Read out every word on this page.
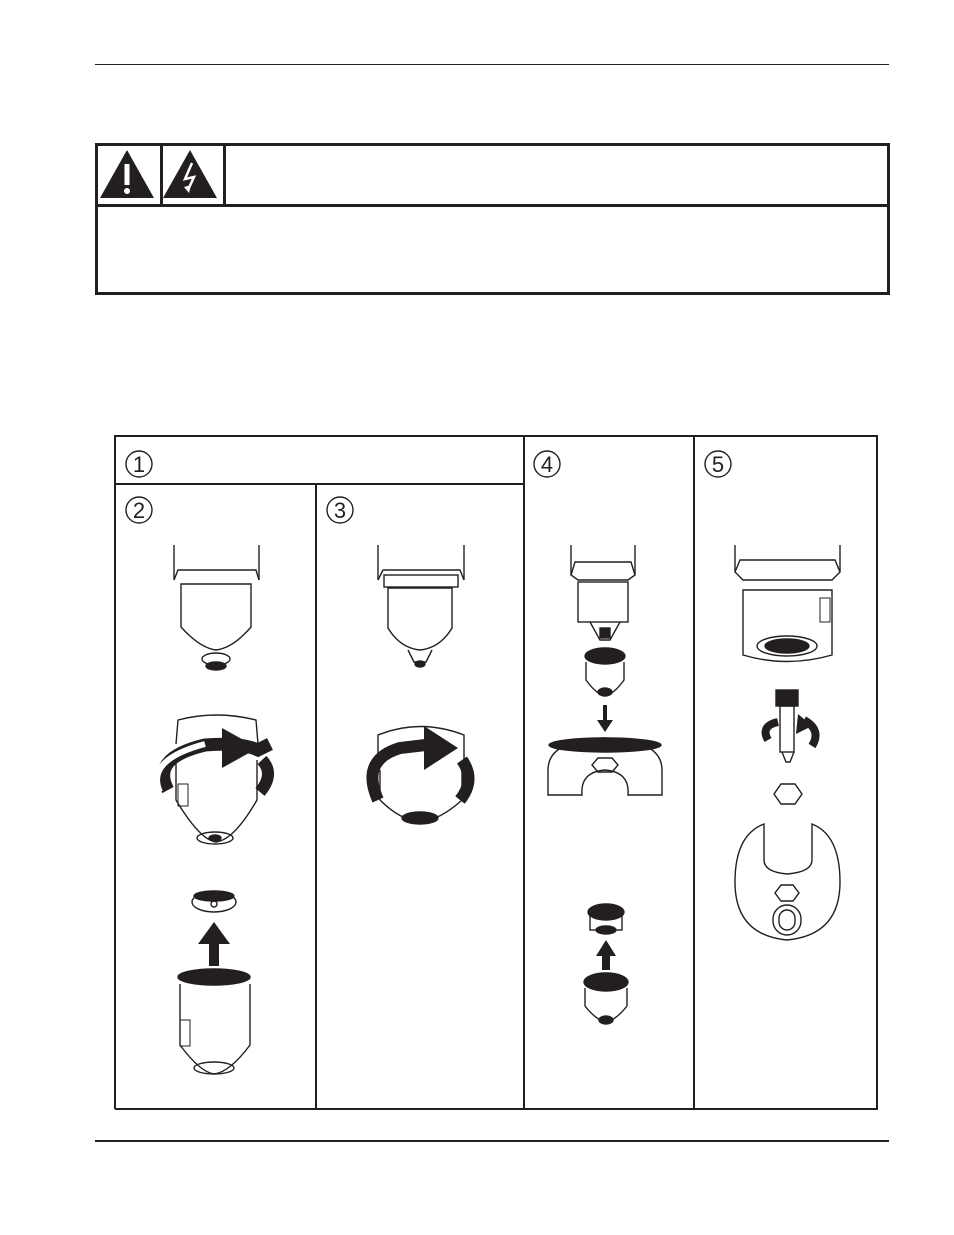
1
2	3
4	5
